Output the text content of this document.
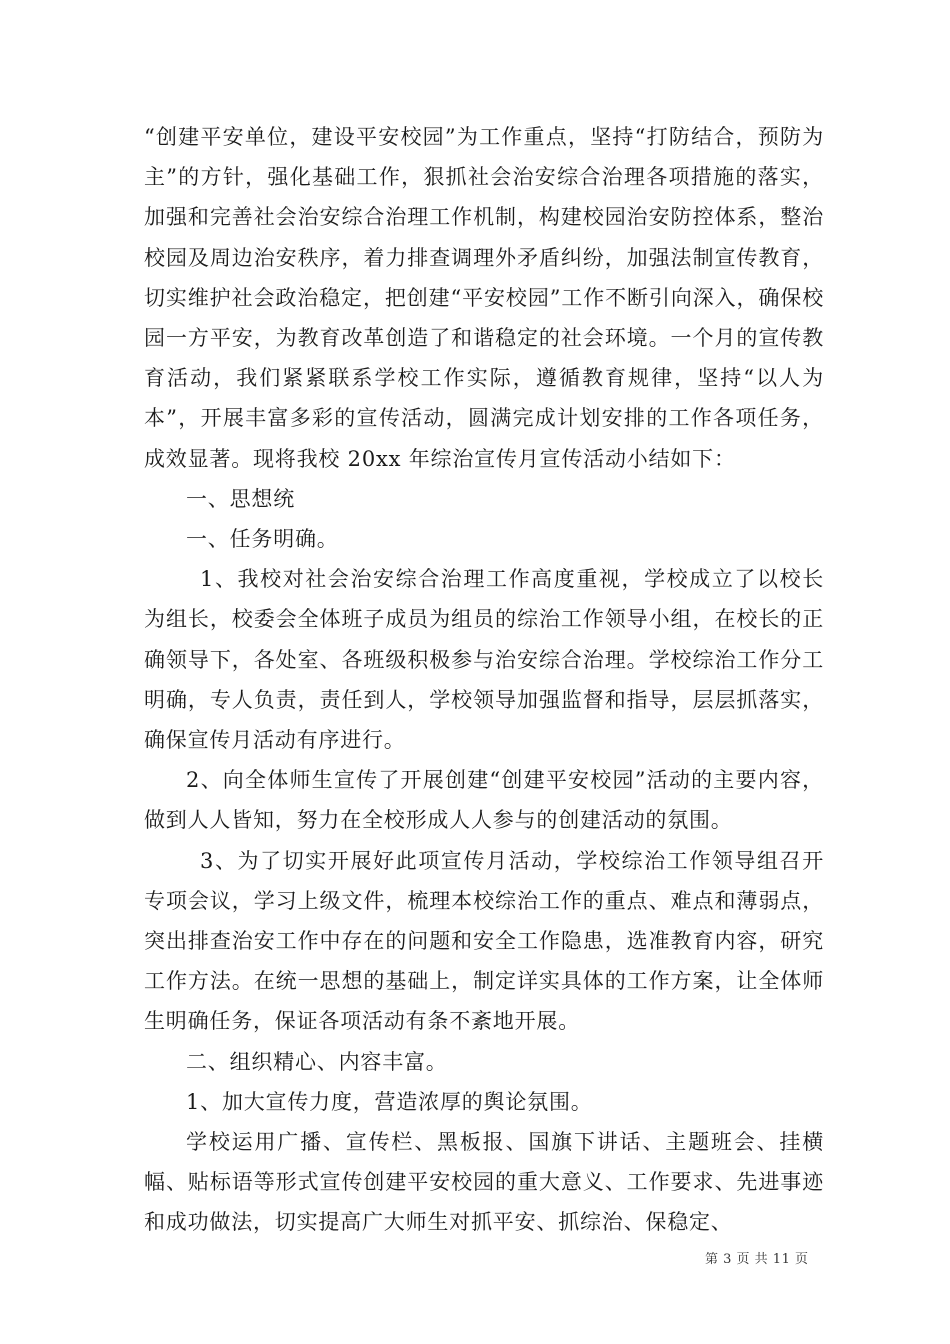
“创建平安单位，建设平安校园”为工作重点，坚持“打防结合，预防为主”的方针，强化基础工作，狠抓社会治安综合治理各项措施的落实，加强和完善社会治安综合治理工作机制，构建校园治安防控体系，整治校园及周边治安秩序，着力排查调理外矛盾纠纷，加强法制宣传教育，切实维护社会政治稳定，把创建“平安校园”工作不断引向深入，确保校园一方平安，为教育改革创造了和谐稳定的社会环境。一个月的宣传教育活动，我们紧紧联系学校工作实际，遵循教育规律，坚持“以人为本”，开展丰富多彩的宣传活动，圆满完成计划安排的工作各项任务，成效显著。现将我校 20xx 年综治宣传月宣传活动小结如下：

一、思想统

一、任务明确。

1、我校对社会治安综合治理工作高度重视，学校成立了以校长为组长，校委会全体班子成员为组员的综治工作领导小组，在校长的正确领导下，各处室、各班级积极参与治安综合治理。学校综治工作分工明确，专人负责，责任到人，学校领导加强监督和指导，层层抓落实，确保宣传月活动有序进行。

2、向全体师生宣传了开展创建“创建平安校园”活动的主要内容，做到人人皆知，努力在全校形成人人参与的创建活动的氛围。

3、为了切实开展好此项宣传月活动，学校综治工作领导组召开专项会议，学习上级文件，梳理本校综治工作的重点、难点和薄弱点，突出排查治安工作中存在的问题和安全工作隐患，选准教育内容，研究工作方法。在统一思想的基础上，制定详实具体的工作方案，让全体师生明确任务，保证各项活动有条不紊地开展。

二、组织精心、内容丰富。

1、加大宣传力度，营造浓厚的舆论氛围。

学校运用广播、宣传栏、黑板报、国旗下讲话、主题班会、挂横幅、贴标语等形式宣传创建平安校园的重大意义、工作要求、先进事迹和成功做法，切实提高广大师生对抓平安、抓综治、保稳定、

第 3 页 共 11 页
